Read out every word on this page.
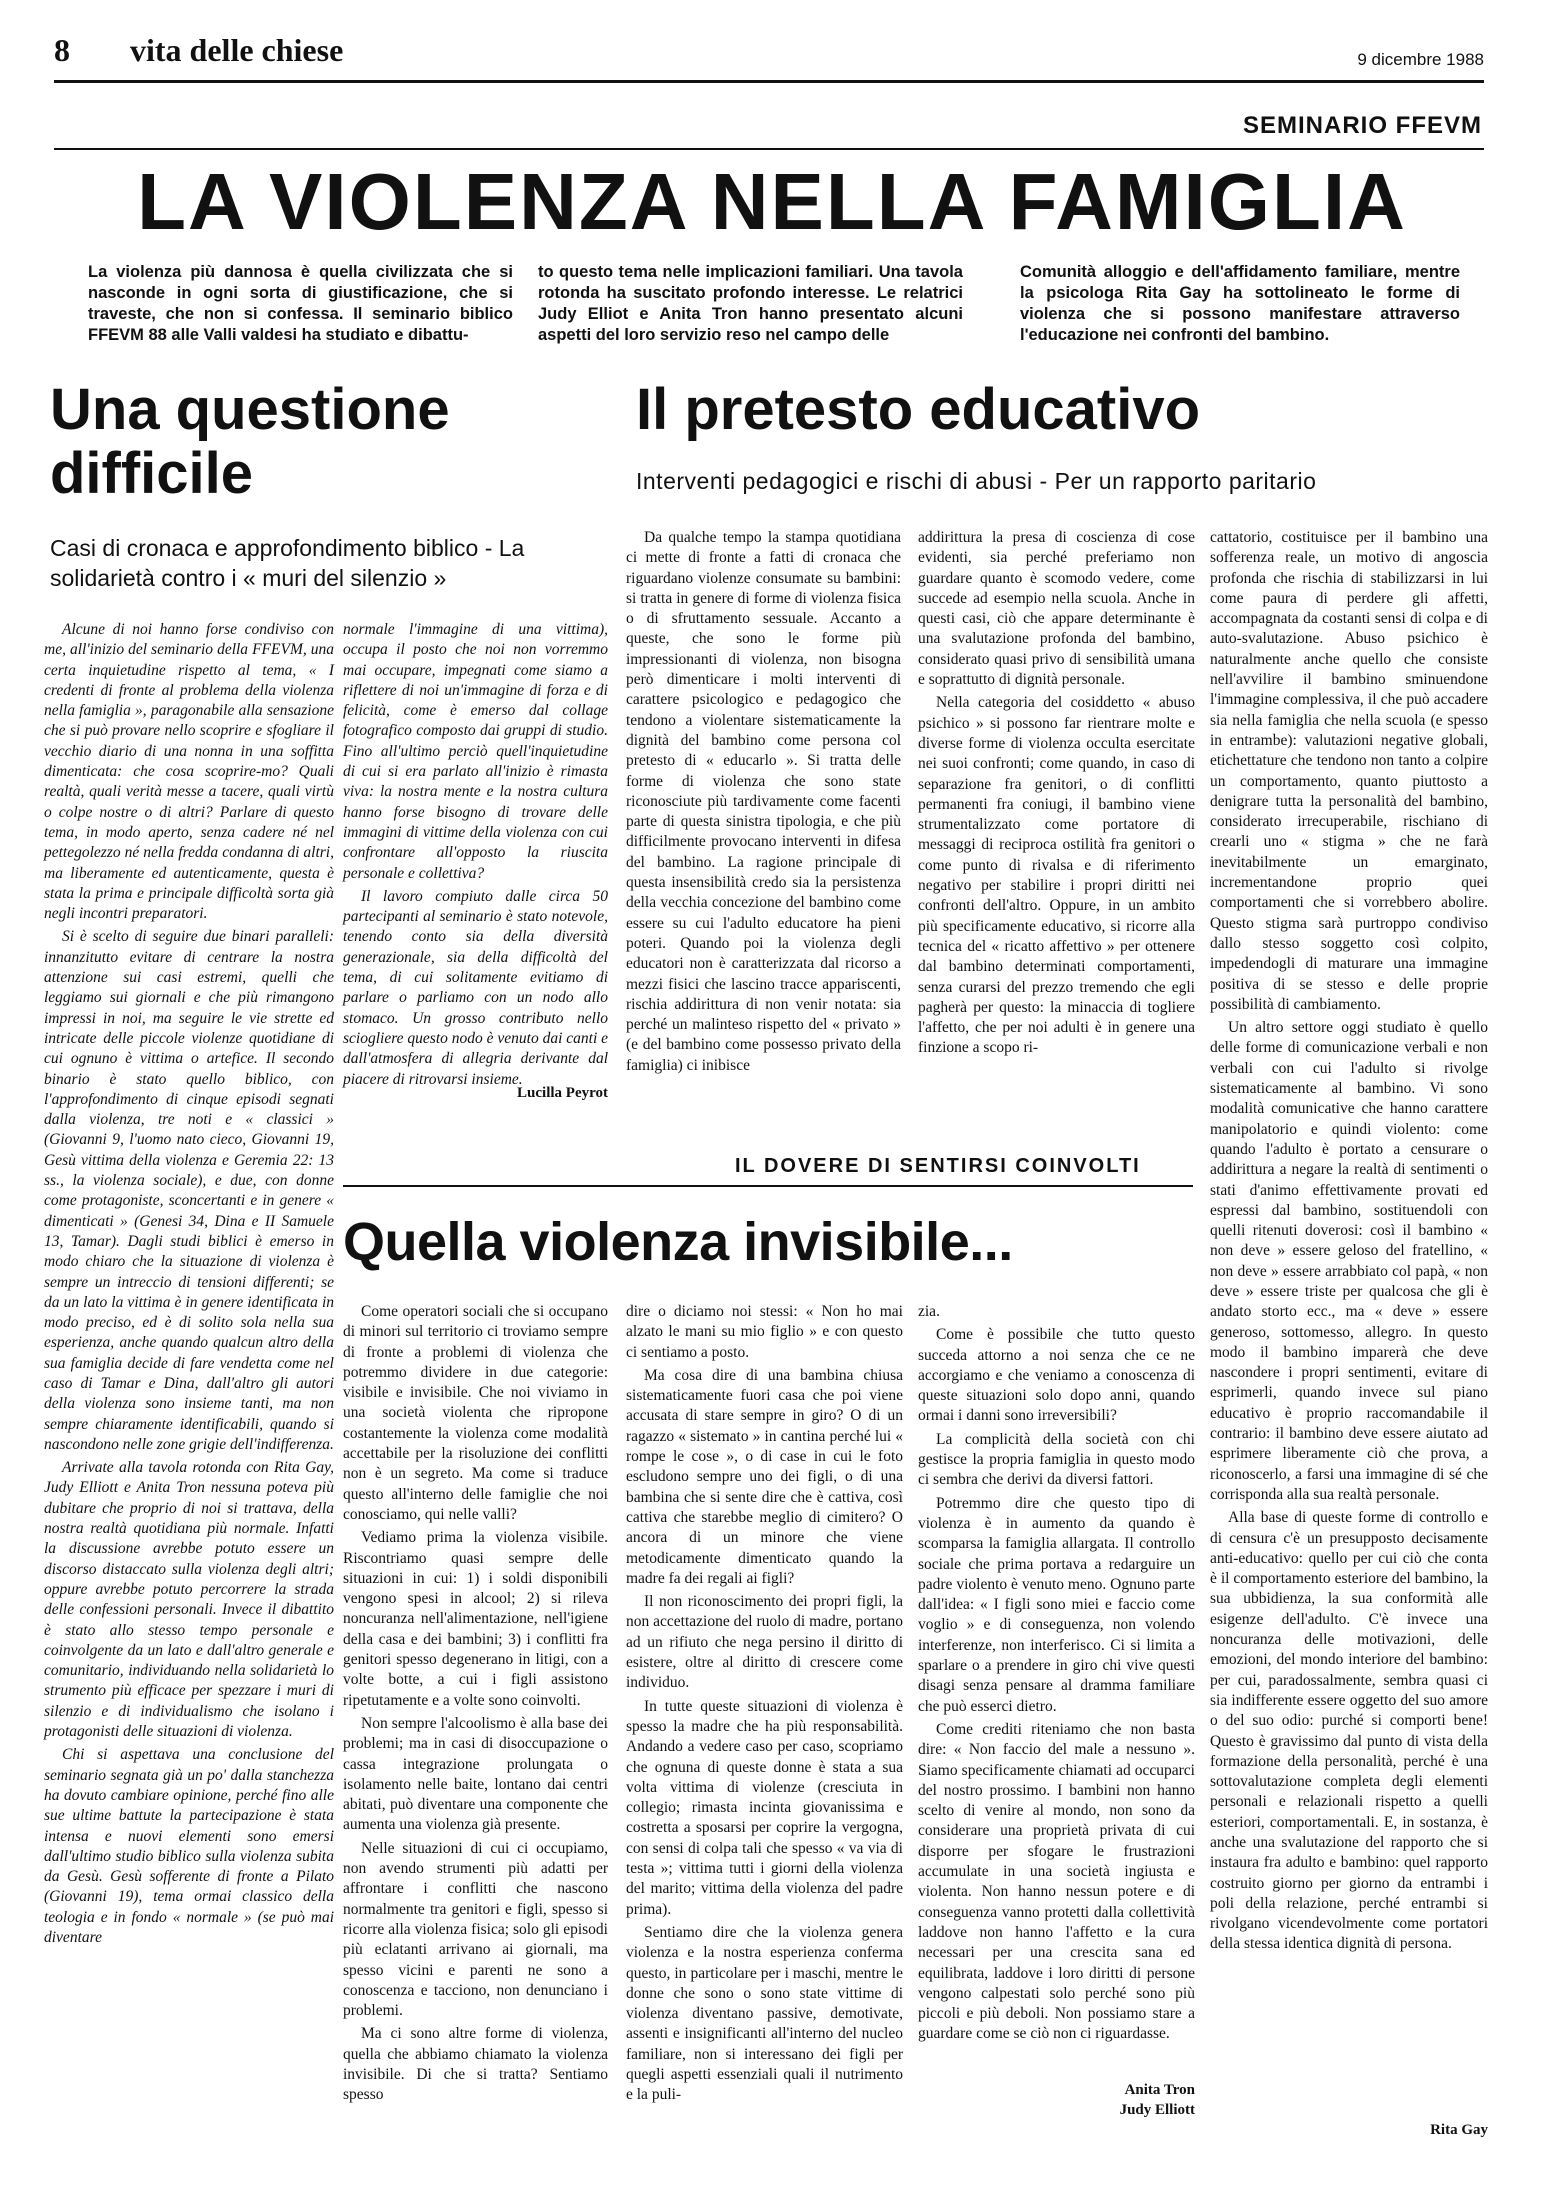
8 vita delle chiese	9 dicembre 1988
SEMINARIO FFEVM
LA VIOLENZA NELLA FAMIGLIA
La violenza più dannosa è quella civilizzata che si nasconde in ogni sorta di giustificazione, che si traveste, che non si confessa. Il seminario biblico FFEVM 88 alle Valli valdesi ha studiato e dibattu-
to questo tema nelle implicazioni familiari. Una tavola rotonda ha suscitato profondo interesse. Le relatrici Judy Elliot e Anita Tron hanno presentato alcuni aspetti del loro servizio reso nel campo delle
Comunità alloggio e dell'affidamento familiare, mentre la psicologa Rita Gay ha sottolineato le forme di violenza che si possono manifestare attraverso l'educazione nei confronti del bambino.
Una questione difficile
Casi di cronaca e approfondimento biblico - La solidarietà contro i « muri del silenzio »

Alcune di noi hanno forse condiviso con me, all'inizio del seminario della FFEVM, una certa inquietudine rispetto al tema, « I credenti di fronte al problema della violenza nella famiglia », paragonabile alla sensazione che si può provare nello scoprire e sfogliare il vecchio diario di una nonna in una soffitta dimenticata: che cosa scoprire-mo? Quali realtà, quali verità messe a tacere, quali virtù o colpe nostre o di altri? Parlare di questo tema, in modo aperto, senza cadere né nel pettegolezzo né nella fredda condanna di altri, ma liberamente ed autenticamente, questa è stata la prima e principale difficoltà sorta già negli incontri preparatori.

Si è scelto di seguire due binari paralleli: innanzitutto evitare di centrare la nostra attenzione sui casi estremi, quelli che leggiamo sui giornali e che più rimangono impressi in noi, ma seguire le vie strette ed intricate delle piccole violenze quotidiane di cui ognuno è vittima o artefice. Il secondo binario è stato quello biblico, con l'approfondimento di cinque episodi segnati dalla violenza, tre noti e « classici » (Giovanni 9, l'uomo nato cieco, Giovanni 19, Gesù vittima della violenza e Geremia 22: 13 ss., la violenza sociale), e due, con donne come protagoniste, sconcertanti e in genere « dimenticati » (Genesi 34, Dina e II Samuele 13, Tamar). Dagli studi biblici è emerso in modo chiaro che la situazione di violenza è sempre un intreccio di tensioni differenti; se da un lato la vittima è in genere identificata in modo preciso, ed è di solito sola nella sua esperienza, anche quando qualcun altro della sua famiglia decide di fare vendetta come nel caso di Tamar e Dina, dall'altro gli autori della violenza sono insieme tanti, ma non sempre chiaramente identificabili, quando si nascondono nelle zone grigie dell'indifferenza.

Arrivate alla tavola rotonda con Rita Gay, Judy Elliott e Anita Tron nessuna poteva più dubitare che proprio di noi si trattava, della nostra realtà quotidiana più normale. Infatti la discussione avrebbe potuto essere un discorso distaccato sulla violenza degli altri; oppure avrebbe potuto percorrere la strada delle confessioni personali. Invece il dibattito è stato allo stesso tempo personale e coinvolgente da un lato e dall'altro generale e comunitario, individuando nella solidarietà lo strumento più efficace per spezzare i muri di silenzio e di individualismo che isolano i protagonisti delle situazioni di violenza.

Chi si aspettava una conclusione del seminario segnata già un po' dalla stanchezza ha dovuto cambiare opinione, perché fino alle sue ultime battute la partecipazione è stata intensa e nuovi elementi sono emersi dall'ultimo studio biblico sulla violenza subita da Gesù. Gesù sofferente di fronte a Pilato (Giovanni 19), tema ormai classico della teologia e in fondo « normale » (se può mai diventare

normale l'immagine di una vittima), occupa il posto che noi non vorremmo mai occupare, impegnati come siamo a riflettere di noi un'immagine di forza e di felicità, come è emerso dal collage fotografico composto dai gruppi di studio. Fino all'ultimo perciò quell'inquietudine di cui si era parlato all'inizio è rimasta viva: la nostra mente e la nostra cultura hanno forse bisogno di trovare delle immagini di vittime della violenza con cui confrontare all'opposto la riuscita personale e collettiva?

Il lavoro compiuto dalle circa 50 partecipanti al seminario è stato notevole, tenendo conto sia della diversità generazionale, sia della difficoltà del tema, di cui solitamente evitiamo di parlare o parliamo con un nodo allo stomaco. Un grosso contributo nello sciogliere questo nodo è venuto dai canti e dall'atmosfera di allegria derivante dal piacere di ritrovarsi insieme.

Lucilla Peyrot
Il pretesto educativo
Interventi pedagogici e rischi di abusi - Per un rapporto paritario

Da qualche tempo la stampa quotidiana ci mette di fronte a fatti di cronaca che riguardano violenze consumate su bambini: si tratta in genere di forme di violenza fisica o di sfruttamento sessuale. Accanto a queste, che sono le forme più impressionanti di violenza, non bisogna però dimenticare i molti interventi di carattere psicologico e pedagogico che tendono a violentare sistematicamente la dignità del bambino come persona col pretesto di « educarlo ». Si tratta delle forme di violenza che sono state riconosciute più tardivamente come facenti parte di questa sinistra tipologia, e che più difficilmente provocano interventi in difesa del bambino. La ragione principale di questa insensibilità credo sia la persistenza della vecchia concezione del bambino come essere su cui l'adulto educatore ha pieni poteri. Quando poi la violenza degli educatori non è caratterizzata dal ricorso a mezzi fisici che lascino tracce appariscenti, rischia addirittura di non venir notata: sia perché un malinteso rispetto del « privato » (e del bambino come possesso privato della famiglia) ci inibisce

addirittura la presa di coscienza di cose evidenti, sia perché preferiamo non guardare quanto è scomodo vedere, come succede ad esempio nella scuola. Anche in questi casi, ciò che appare determinante è una svalutazione profonda del bambino, considerato quasi privo di sensibilità umana e soprattutto di dignità personale.

Nella categoria del cosiddetto « abuso psichico » si possono far rientrare molte e diverse forme di violenza occulta esercitate nei suoi confronti; come quando, in caso di separazione fra genitori, o di conflitti permanenti fra coniugi, il bambino viene strumentalizzato come portatore di messaggi di reciproca ostilità fra genitori o come punto di rivalsa e di riferimento negativo per stabilire i propri diritti nei confronti dell'altro. Oppure, in un ambito più specificamente educativo, si ricorre alla tecnica del « ricatto affettivo » per ottenere dal bambino determinati comportamenti, senza curarsi del prezzo tremendo che egli pagherà per questo: la minaccia di togliere l'affetto, che per noi adulti è in genere una finzione a scopo ri-

cattatorio, costituisce per il bambino una sofferenza reale, un motivo di angoscia profonda che rischia di stabilizzarsi in lui come paura di perdere gli affetti, accompagnata da costanti sensi di colpa e di auto-svalutazione. Abuso psichico è naturalmente anche quello che consiste nell'avvilire il bambino sminuendone l'immagine complessiva, il che può accadere sia nella famiglia che nella scuola (e spesso in entrambe): valutazioni negative globali, etichettature che tendono non tanto a colpire un comportamento, quanto piuttosto a denigrare tutta la personalità del bambino, considerato irrecuperabile, rischiano di crearli uno « stigma » che ne farà inevitabilmente un emarginato, incrementandone proprio quei comportamenti che si vorrebbero abolire. Questo stigma sarà purtroppo condiviso dallo stesso soggetto così colpito, impedendogli di maturare una immagine positiva di se stesso e delle proprie possibilità di cambiamento.

Un altro settore oggi studiato è quello delle forme di comunicazione verbali e non verbali con cui l'adulto si rivolge sistematicamente al bambino. Vi sono modalità comunicative che hanno carattere manipolatorio e quindi violento: come quando l'adulto è portato a censurare o addirittura a negare la realtà di sentimenti o stati d'animo effettivamente provati ed espressi dal bambino, sostituendoli con quelli ritenuti doverosi: così il bambino « non deve » essere geloso del fratellino, « non deve » essere arrabbiato col papà, « non deve » essere triste per qualcosa che gli è andato storto ecc., ma « deve » essere generoso, sottomesso, allegro. In questo modo il bambino imparerà che deve nascondere i propri sentimenti, evitare di esprimerli, quando invece sul piano educativo è proprio raccomandabile il contrario: il bambino deve essere aiutato ad esprimere liberamente ciò che prova, a riconoscerlo, a farsi una immagine di sé che corrisponda alla sua realtà personale.

Alla base di queste forme di controllo e di censura c'è un presupposto decisamente anti-educativo: quello per cui ciò che conta è il comportamento esteriore del bambino, la sua ubbidienza, la sua conformità alle esigenze dell'adulto. C'è invece una noncuranza delle motivazioni, delle emozioni, del mondo interiore del bambino: per cui, paradossalmente, sembra quasi ci sia indifferente essere oggetto del suo amore o del suo odio: purché si comporti bene! Questo è gravissimo dal punto di vista della formazione della personalità, perché è una sottovalutazione completa degli elementi personali e relazionali rispetto a quelli esteriori, comportamentali. E, in sostanza, è anche una svalutazione del rapporto che si instaura fra adulto e bambino: quel rapporto costruito giorno per giorno da entrambi i poli della relazione, perché entrambi si rivolgano vicendevolmente come portatori della stessa identica dignità di persona.

Rita Gay
IL DOVERE DI SENTIRSI COINVOLTI
Quella violenza invisibile...

Come operatori sociali che si occupano di minori sul territorio ci troviamo sempre di fronte a problemi di violenza che potremmo dividere in due categorie: visibile e invisibile. Che noi viviamo in una società violenta che ripropone costantemente la violenza come modalità accettabile per la risoluzione dei conflitti non è un segreto. Ma come si traduce questo all'interno delle famiglie che noi conosciamo, qui nelle valli?

Vediamo prima la violenza visibile. Riscontriamo quasi sempre delle situazioni in cui: 1) i soldi disponibili vengono spesi in alcool; 2) si rileva noncuranza nell'alimentazione, nell'igiene della casa e dei bambini; 3) i conflitti fra genitori spesso degenerano in litigi, con a volte botte, a cui i figli assistono ripetutamente e a volte sono coinvolti.

Non sempre l'alcoolismo è alla base dei problemi; ma in casi di disoccupazione o cassa integrazione prolungata o isolamento nelle baite, lontano dai centri abitati, può diventare una componente che aumenta una violenza già presente.

Nelle situazioni di cui ci occupiamo, non avendo strumenti più adatti per affrontare i conflitti che nascono normalmente tra genitori e figli, spesso si ricorre alla violenza fisica; solo gli episodi più eclatanti arrivano ai giornali, ma spesso vicini e parenti ne sono a conoscenza e tacciono, non denunciano i problemi.

Ma ci sono altre forme di violenza, quella che abbiamo chiamato la violenza invisibile. Di che si tratta? Sentiamo spesso

dire o diciamo noi stessi: « Non ho mai alzato le mani su mio figlio » e con questo ci sentiamo a posto.

Ma cosa dire di una bambina chiusa sistematicamente fuori casa che poi viene accusata di stare sempre in giro? O di un ragazzo « sistemato » in cantina perché lui « rompe le cose », o di case in cui le foto escludono sempre uno dei figli, o di una bambina che si sente dire che è cattiva, così cattiva che starebbe meglio di cimitero? O ancora di un minore che viene metodicamente dimenticato quando la madre fa dei regali ai figli?

Il non riconoscimento dei propri figli, la non accettazione del ruolo di madre, portano ad un rifiuto che nega persino il diritto di esistere, oltre al diritto di crescere come individuo.

In tutte queste situazioni di violenza è spesso la madre che ha più responsabilità. Andando a vedere caso per caso, scopriamo che ognuna di queste donne è stata a sua volta vittima di violenze (cresciuta in collegio; rimasta incinta giovanissima e costretta a sposarsi per coprire la vergogna, con sensi di colpa tali che spesso « va via di testa »; vittima tutti i giorni della violenza del marito; vittima della violenza del padre prima).

Sentiamo dire che la violenza genera violenza e la nostra esperienza conferma questo, in particolare per i maschi, mentre le donne che sono o sono state vittime di violenza diventano passive, demotivate, assenti e insignificanti all'interno del nucleo familiare, non si interessano dei figli per quegli aspetti essenziali quali il nutrimento e la puli-

zia.

Come è possibile che tutto questo succeda attorno a noi senza che ce ne accorgiamo e che veniamo a conoscenza di queste situazioni solo dopo anni, quando ormai i danni sono irreversibili?

La complicità della società con chi gestisce la propria famiglia in questo modo ci sembra che derivi da diversi fattori.

Potremmo dire che questo tipo di violenza è in aumento da quando è scomparsa la famiglia allargata. Il controllo sociale che prima portava a redarguire un padre violento è venuto meno. Ognuno parte dall'idea: « I figli sono miei e faccio come voglio » e di conseguenza, non volendo interferenze, non interferisco. Ci si limita a sparlare o a prendere in giro chi vive questi disagi senza pensare al dramma familiare che può esserci dietro.

Come crediti riteniamo che non basta dire: « Non faccio del male a nessuno ». Siamo specificamente chiamati ad occuparci del nostro prossimo. I bambini non hanno scelto di venire al mondo, non sono da considerare una proprietà privata di cui disporre per sfogare le frustrazioni accumulate in una società ingiusta e violenta. Non hanno nessun potere e di conseguenza vanno protetti dalla collettività laddove non hanno l'affetto e la cura necessari per una crescita sana ed equilibrata, laddove i loro diritti di persone vengono calpestati solo perché sono più piccoli e più deboli. Non possiamo stare a guardare come se ciò non ci riguardasse.

Anita Tron
Judy Elliott
